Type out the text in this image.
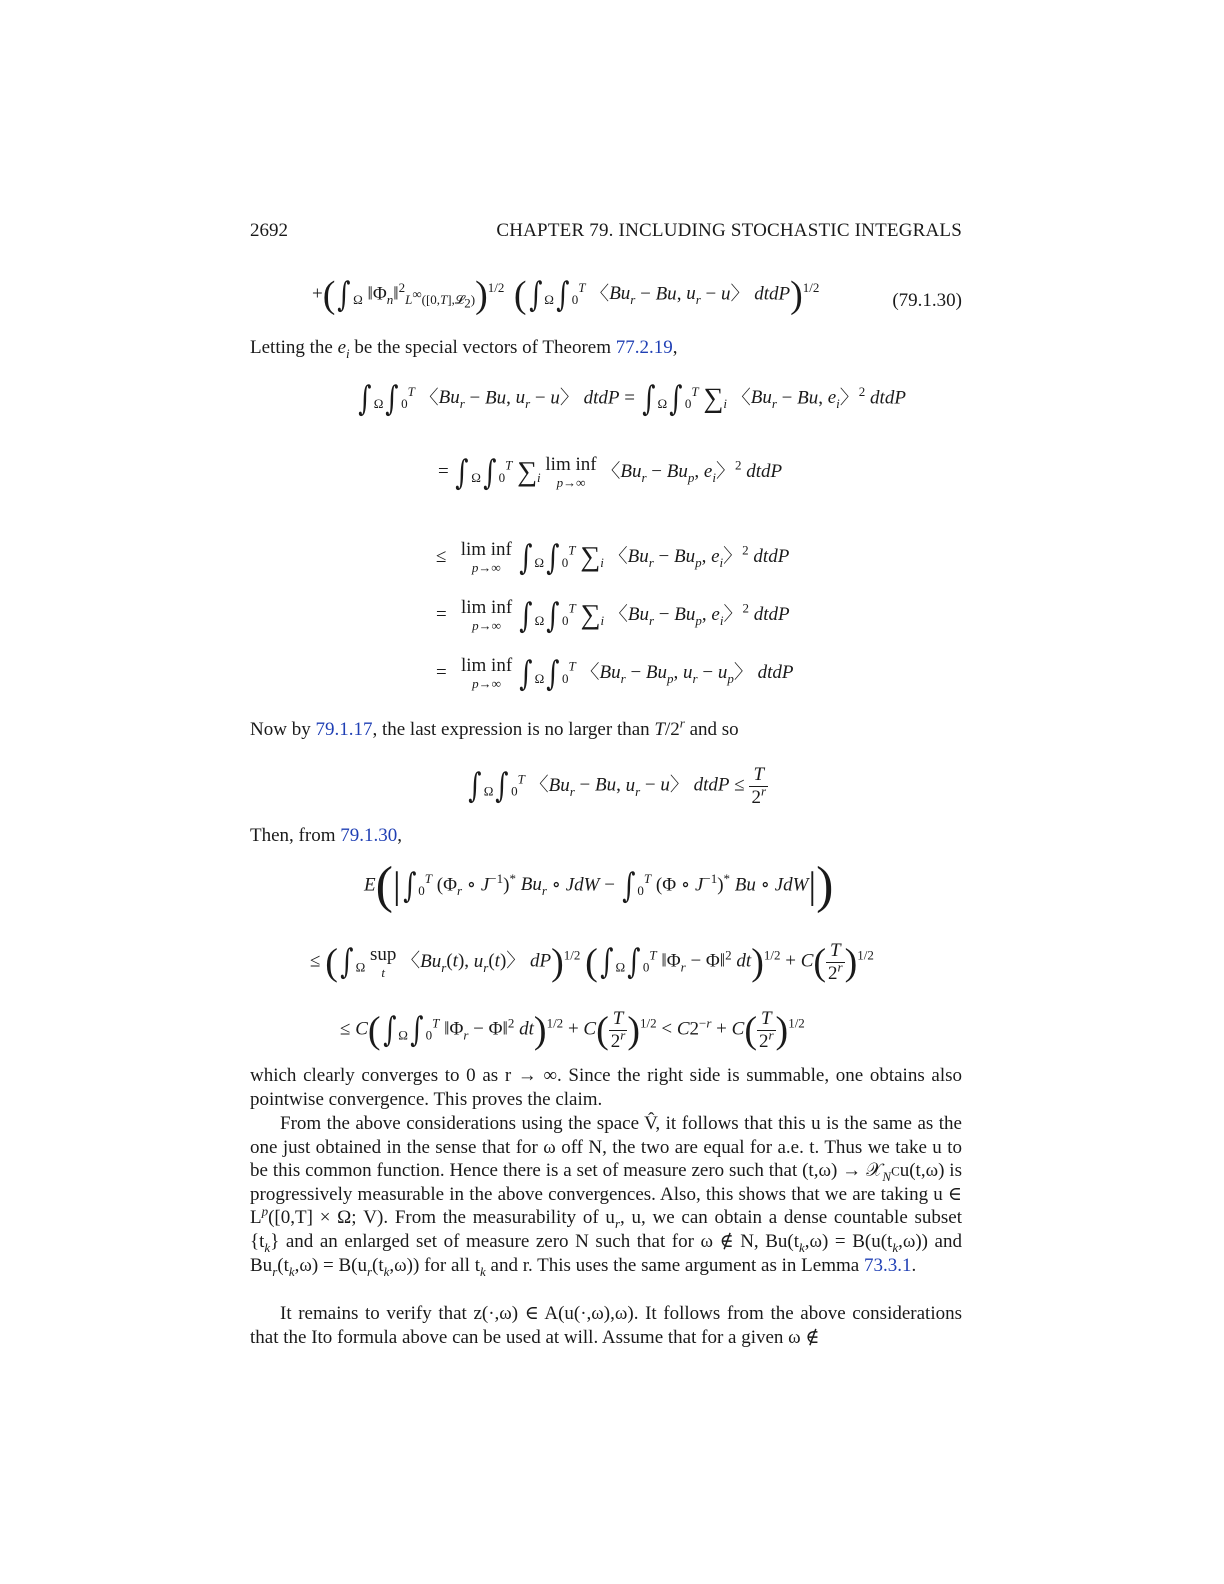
2692	CHAPTER 79. INCLUDING STOCHASTIC INTEGRALS
+(∫ $_\Omega$ $‖\Phi_n‖^2_{L^\infty([0,T],𝓛_2)})^{1/2}$ (∫ $_\Omega$∫ $_0^T$ 〈$Bu_r - Bu$, $u_r - u$〉 dtdP)$^{1/2}$
(79.1.30)
Letting the $e_i$ be the special vectors of Theorem 77.2.19,
∫ $_\Omega$∫ $_0^T$ 〈$Bu_r - Bu$, $u_r - u$〉 dtdP = ∫ $_\Omega$∫ $_0^T$ $\sum_i$ 〈$Bu_r - Bu$, $e_i$〉$^2$ dtdP
= ∫ $_\Omega$∫ $_0^T$ $\sum_i$ lim inf
p→∞
〈$Bu_r - Bu_p$, $e_i$〉$^2$ dtdP
≤   lim inf
p→∞ ∫ $_\Omega$∫ $_0^T$ $\sum_i$ 〈$Bu_r - Bu_p$, $e_i$〉$^2$ dtdP
=   lim inf
p→∞ ∫ $_\Omega$∫ $_0^T$ $\sum_i$ 〈$Bu_r - Bu_p$, $e_i$〉$^2$ dtdP
=   lim inf
p→∞ ∫ $_\Omega$∫ $_0^T$ 〈$Bu_r - Bu_p$, $u_r - u_p$〉 dtdP
Now by 79.1.17, the last expression is no larger than T/2$^r$ and so
∫ $_\Omega$∫ $_0^T$ 〈$Bu_r - Bu$, $u_r - u$〉 dtdP ≤ $\frac{T}{2^r}$
Then, from 79.1.30,
E(|∫ $_0^T$ ($\Phi_r$ ∘ $J^{-1})^*$ $Bu_r$ ∘ JdW − ∫ $_0^T$ (Φ ∘ $J^{-1})^*$ Bu ∘ JdW|)
≤ (∫ $_\Omega$ sup
t
〈$Bu_r(t)$, $u_r(t)$〉 dP)$^{1/2}$ (∫ $_\Omega$∫ $_0^T$ $‖\Phi_r$ − Φ‖$^2$ $dt)^{1/2} + C( \frac{T}{2^r} )^{1/2}$
≤ C(∫ $_\Omega$∫ $_0^T$ $‖\Phi_r$ − Φ‖$^2$ $dt)^{1/2} + C( \frac{T}{2^r} )^{1/2} < C2^{-r} + C( \frac{T}{2^r} )^{1/2}$
which clearly converges to 0 as r → ∞. Since the right side is summable, one obtains also pointwise convergence. This proves the claim.
From the above considerations using the space V̂, it follows that this u is the same as the one just obtained in the sense that for ω off N, the two are equal for a.e. t. Thus we take u to be this common function. Hence there is a set of measure zero such that (t,ω) → 𝒳$_{N^C}$u(t,ω) is progressively measurable in the above convergences. Also, this shows that we are taking u ∈ $L^p([0,T] \times \Omega$; V). From the measurability of $u_r$, u, we can obtain a dense countable subset $\{t_k\}$ and an enlarged set of measure zero N such that for ω ∉ N, $Bu(t_k,\omega) = B(u(t_k,\omega))$ and $Bu_r(t_k,\omega) = B(u_r(t_k,\omega))$ for all $t_k$ and r. This uses the same argument as in Lemma 73.3.1.
It remains to verify that z(·,ω) ∈ A(u(·,ω),ω). It follows from the above considerations that the Ito formula above can be used at will. Assume that for a given ω ∉
